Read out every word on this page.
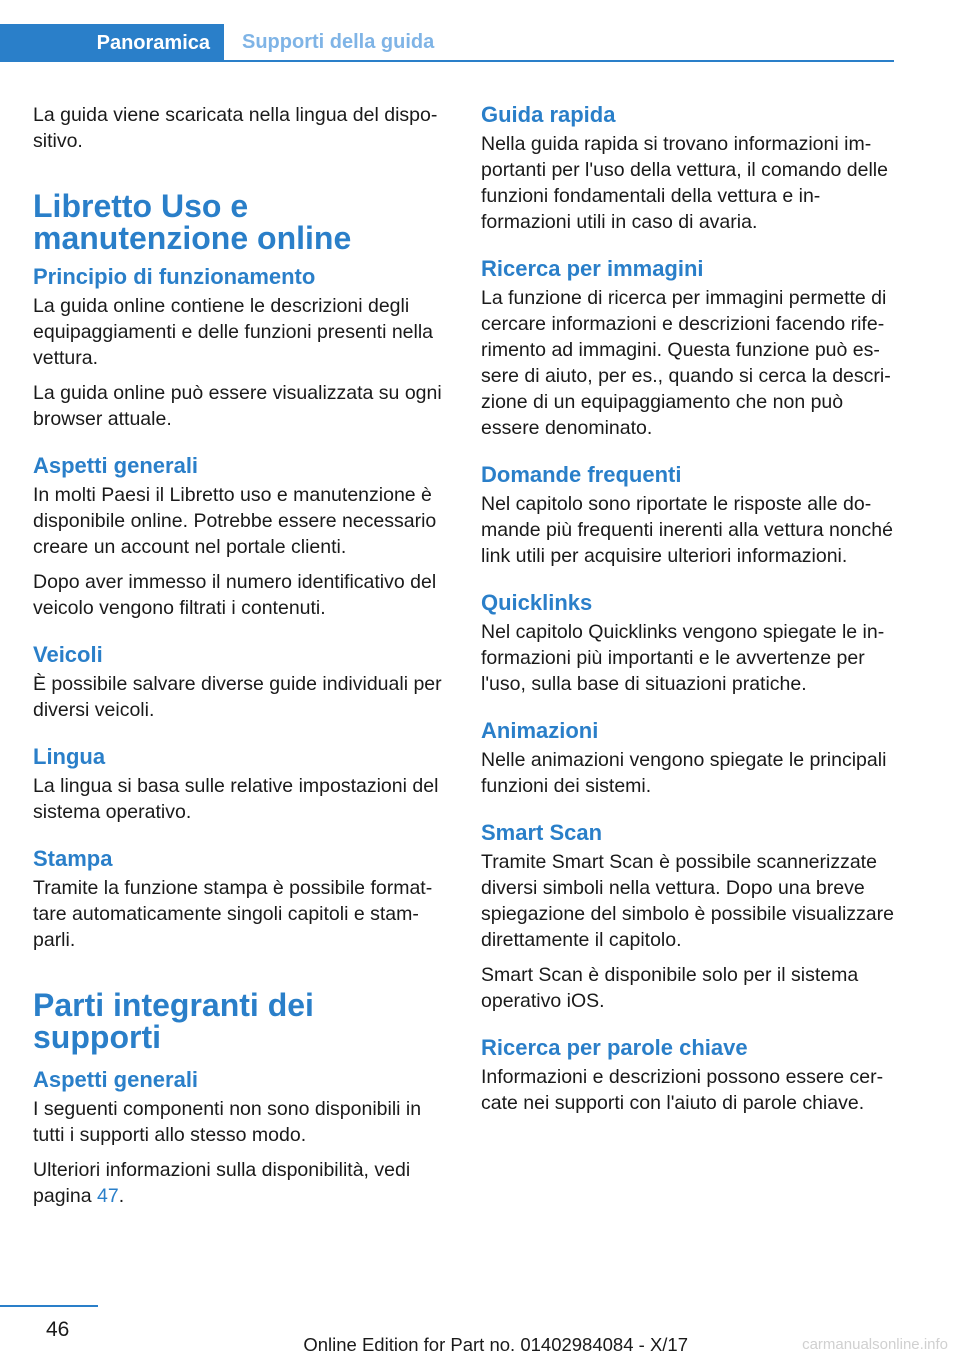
Panoramica	Supporti della guida

La guida viene scaricata nella lingua del dispositivo.

Libretto Uso e manutenzione online
Principio di funzionamento

La guida online contiene le descrizioni degli equipaggiamenti e delle funzioni presenti nella vettura.

La guida online può essere visualizzata su ogni browser attuale.

Aspetti generali

In molti Paesi il Libretto uso e manutenzione è disponibile online. Potrebbe essere necessario creare un account nel portale clienti.

Dopo aver immesso il numero identificativo del veicolo vengono filtrati i contenuti.

Veicoli

È possibile salvare diverse guide individuali per diversi veicoli.

Lingua

La lingua si basa sulle relative impostazioni del sistema operativo.

Stampa

Tramite la funzione stampa è possibile formattare automaticamente singoli capitoli e stamparli.

Parti integranti dei supporti
Aspetti generali

I seguenti componenti non sono disponibili in tutti i supporti allo stesso modo.

Ulteriori informazioni sulla disponibilità, vedi pagina 47.

Guida rapida

Nella guida rapida si trovano informazioni importanti per l'uso della vettura, il comando delle funzioni fondamentali della vettura e informazioni utili in caso di avaria.

Ricerca per immagini

La funzione di ricerca per immagini permette di cercare informazioni e descrizioni facendo riferimento ad immagini. Questa funzione può essere di aiuto, per es., quando si cerca la descrizione di un equipaggiamento che non può essere denominato.

Domande frequenti

Nel capitolo sono riportate le risposte alle domande più frequenti inerenti alla vettura nonché link utili per acquisire ulteriori informazioni.

Quicklinks

Nel capitolo Quicklinks vengono spiegate le informazioni più importanti e le avvertenze per l'uso, sulla base di situazioni pratiche.

Animazioni

Nelle animazioni vengono spiegate le principali funzioni dei sistemi.

Smart Scan

Tramite Smart Scan è possibile scannerizzate diversi simboli nella vettura. Dopo una breve spiegazione del simbolo è possibile visualizzare direttamente il capitolo.

Smart Scan è disponibile solo per il sistema operativo iOS.

Ricerca per parole chiave

Informazioni e descrizioni possono essere cercate nei supporti con l'aiuto di parole chiave.

46
Online Edition for Part no. 01402984084 - X/17	carmanualsonline.info
